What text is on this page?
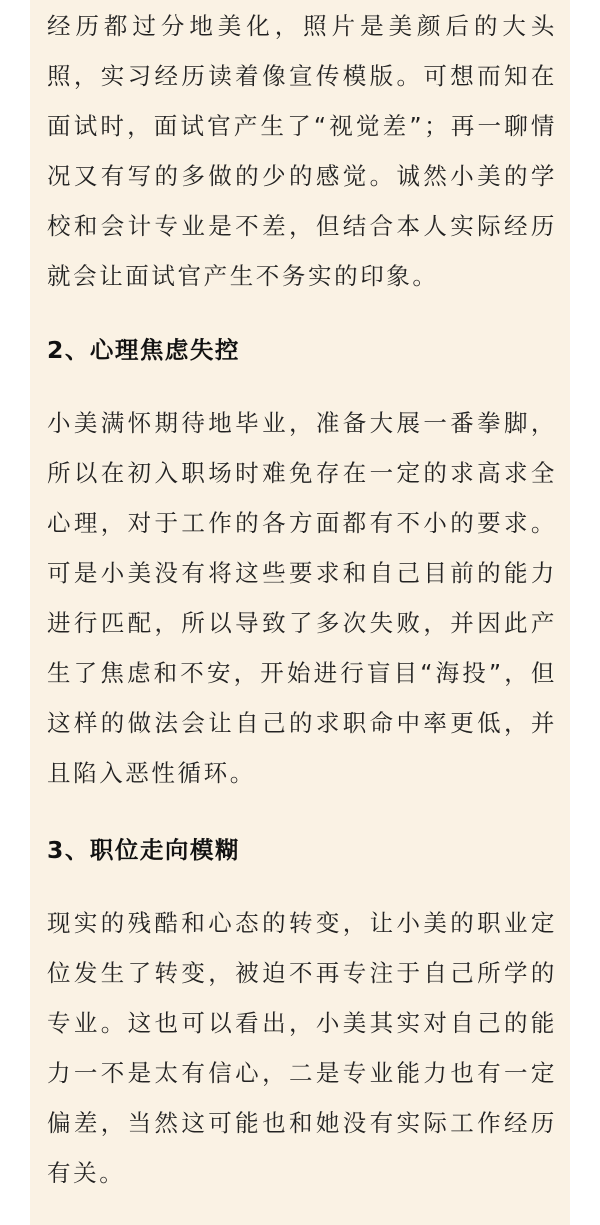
经历都过分地美化，照片是美颜后的大头照，实习经历读着像宣传模版。可想而知在面试时，面试官产生了“视觉差”；再一聊情况又有写的多做的少的感觉。诚然小美的学校和会计专业是不差，但结合本人实际经历就会让面试官产生不务实的印象。

2、心理焦虑失控

小美满怀期待地毕业，准备大展一番拳脚，所以在初入职场时难免存在一定的求高求全心理，对于工作的各方面都有不小的要求。可是小美没有将这些要求和自己目前的能力进行匹配，所以导致了多次失败，并因此产生了焦虑和不安，开始进行盲目“海投”，但这样的做法会让自己的求职命中率更低，并且陷入恶性循环。

3、职位走向模糊

现实的残酷和心态的转变，让小美的职业定位发生了转变，被迫不再专注于自己所学的专业。这也可以看出，小美其实对自己的能力一不是太有信心，二是专业能力也有一定偏差，当然这可能也和她没有实际工作经历有关。
